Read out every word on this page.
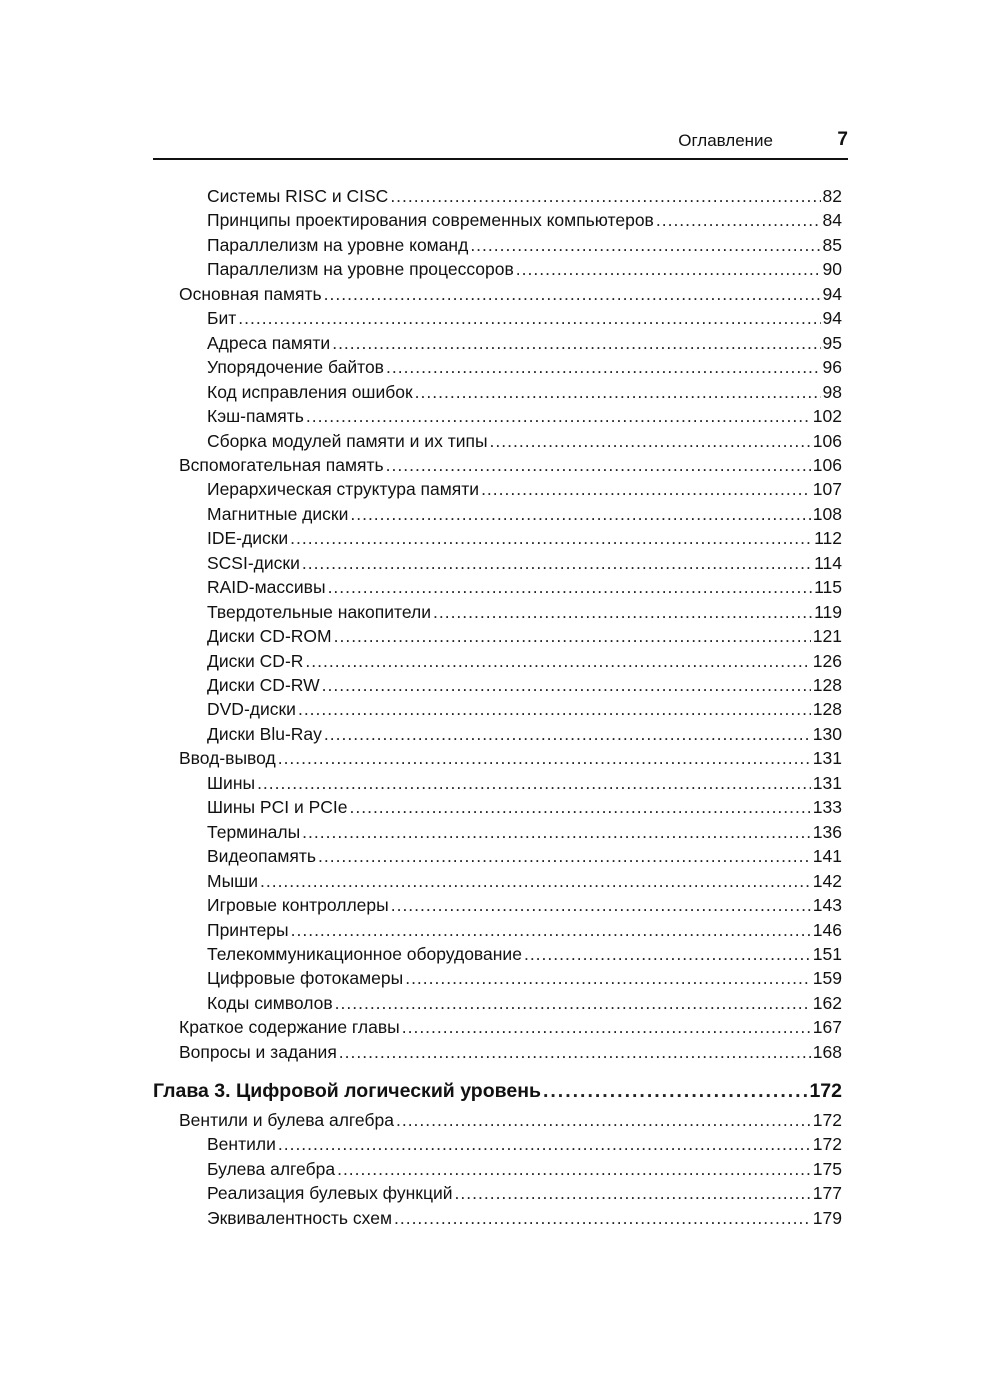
Оглавление	7
Системы RISC и CISC .....	82
Принципы проектирования современных компьютеров .....	84
Параллелизм на уровне команд .....	85
Параллелизм на уровне процессоров .....	90
Основная память .....	94
Бит .....	94
Адреса памяти .....	95
Упорядочение байтов .....	96
Код исправления ошибок .....	98
Кэш-память .....	102
Сборка модулей памяти и их типы .....	106
Вспомогательная память .....	106
Иерархическая структура памяти .....	107
Магнитные диски .....	108
IDE-диски .....	112
SCSI-диски .....	114
RAID-массивы .....	115
Твердотельные накопители .....	119
Диски CD-ROM .....	121
Диски CD-R .....	126
Диски CD-RW .....	128
DVD-диски .....	128
Диски Blu-Ray .....	130
Ввод-вывод .....	131
Шины .....	131
Шины PCI и PCIe .....	133
Терминалы .....	136
Видеопамять .....	141
Мыши .....	142
Игровые контроллеры .....	143
Принтеры .....	146
Телекоммуникационное оборудование .....	151
Цифровые фотокамеры .....	159
Коды символов .....	162
Краткое содержание главы .....	167
Вопросы и задания .....	168
Глава 3. Цифровой логический уровень .....	172
Вентили и булева алгебра .....	172
Вентили .....	172
Булева алгебра .....	175
Реализация булевых функций .....	177
Эквивалентность схем .....	179
